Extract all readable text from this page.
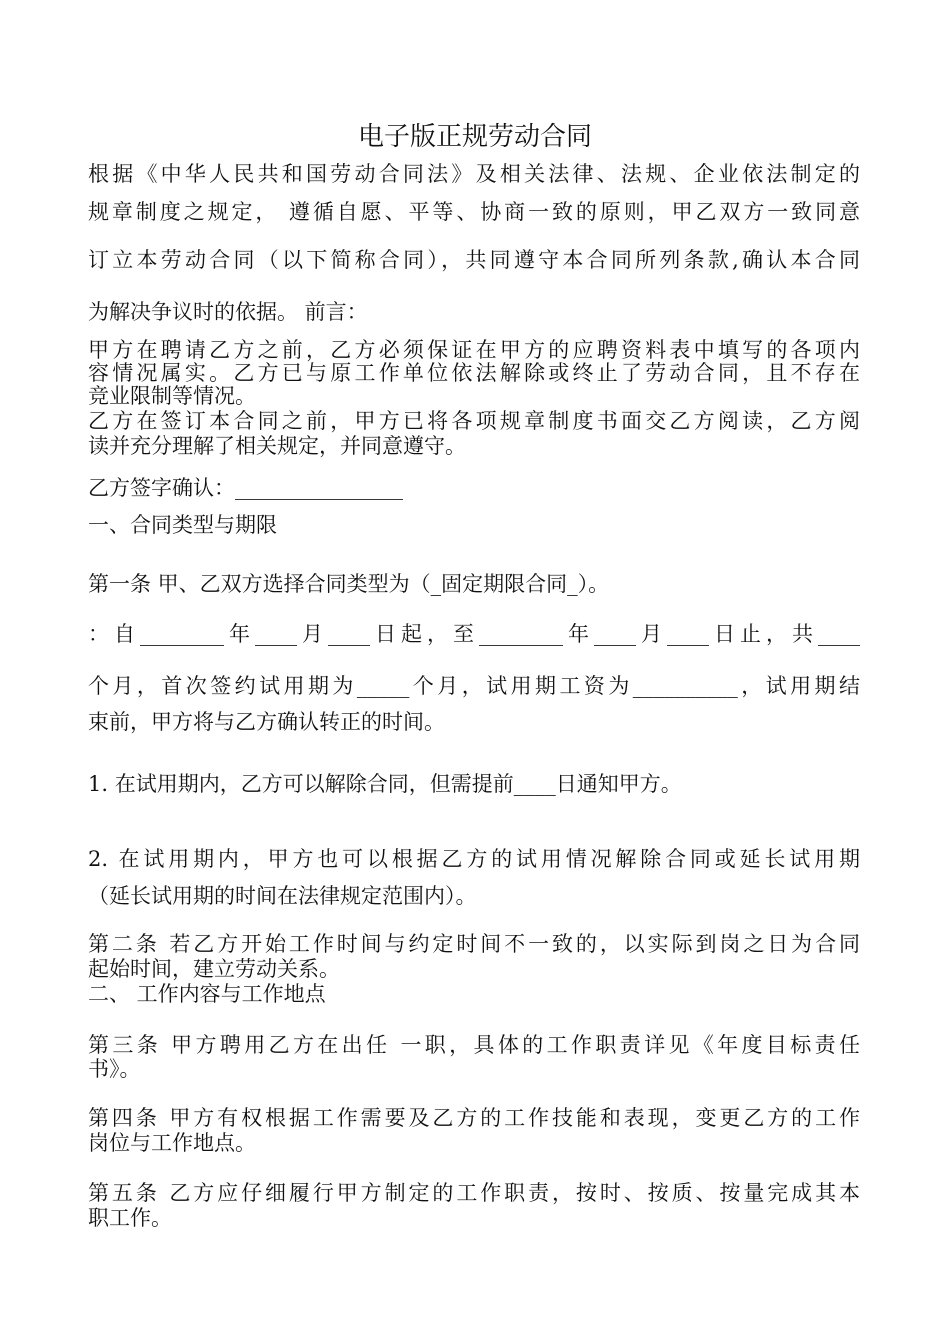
电子版正规劳动合同
根据《中华人民共和国劳动合同法》及相关法律、法规、企业依法制定的
规章制度之规定， 遵循自愿、平等、协商一致的原则，甲乙双方一致同意
订立本劳动合同（以下简称合同），共同遵守本合同所列条款,确认本合同
为解决争议时的依据。 前言：
甲方在聘请乙方之前，乙方必须保证在甲方的应聘资料表中填写的各项内
容情况属实。乙方已与原工作单位依法解除或终止了劳动合同，且不存在
竞业限制等情况。
乙方在签订本合同之前，甲方已将各项规章制度书面交乙方阅读，乙方阅
读并充分理解了相关规定，并同意遵守。
乙方签字确认：________________
一、合同类型与期限
第一条 甲、乙双方选择合同类型为（_固定期限合同_）。
：自________年____月____日起，至________年____月____日止，共____
个月，首次签约试用期为_____个月，试用期工资为__________，试用期结
束前，甲方将与乙方确认转正的时间。
1. 在试用期内，乙方可以解除合同，但需提前____日通知甲方。
2. 在试用期内，甲方也可以根据乙方的试用情况解除合同或延长试用期
（延长试用期的时间在法律规定范围内）。
第二条 若乙方开始工作时间与约定时间不一致的，以实际到岗之日为合同
起始时间，建立劳动关系。
二、 工作内容与工作地点
第三条 甲方聘用乙方在出任 一职，具体的工作职责详见《年度目标责任
书》。
第四条 甲方有权根据工作需要及乙方的工作技能和表现，变更乙方的工作
岗位与工作地点。
第五条 乙方应仔细履行甲方制定的工作职责，按时、按质、按量完成其本
职工作。
